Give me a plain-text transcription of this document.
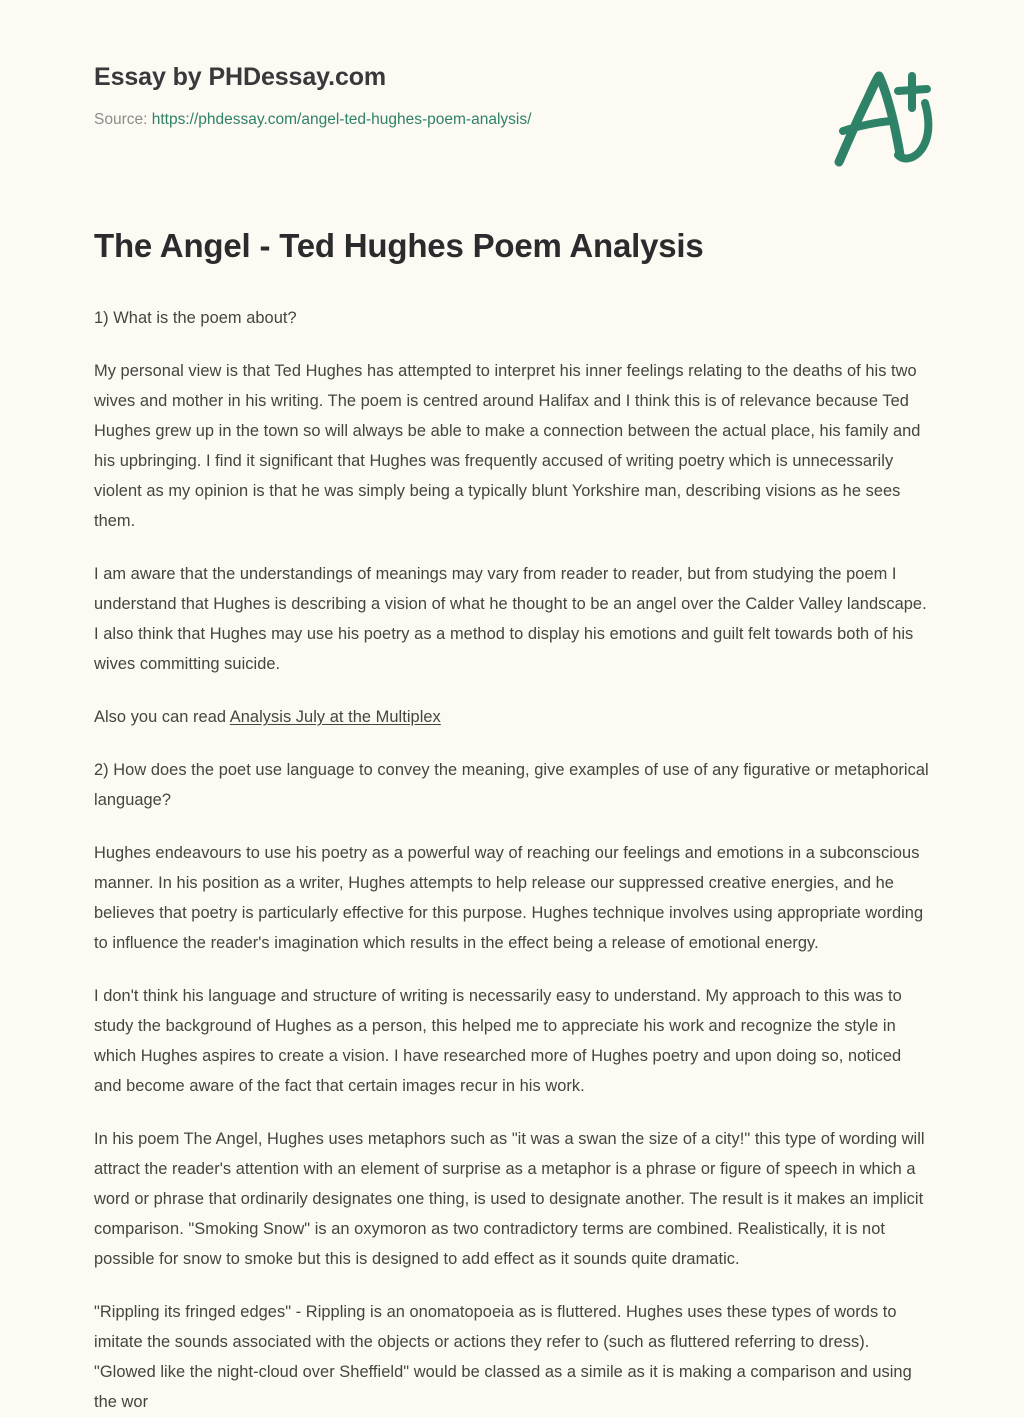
Essay by PHDessay.com
Source: https://phdessay.com/angel-ted-hughes-poem-analysis/
The Angel - Ted Hughes Poem Analysis

1) What is the poem about?

My personal view is that Ted Hughes has attempted to interpret his inner feelings relating to the deaths of his two wives and mother in his writing. The poem is centred around Halifax and I think this is of relevance because Ted Hughes grew up in the town so will always be able to make a connection between the actual place, his family and his upbringing. I find it significant that Hughes was frequently accused of writing poetry which is unnecessarily violent as my opinion is that he was simply being a typically blunt Yorkshire man, describing visions as he sees them.

I am aware that the understandings of meanings may vary from reader to reader, but from studying the poem I understand that Hughes is describing a vision of what he thought to be an angel over the Calder Valley landscape. I also think that Hughes may use his poetry as a method to display his emotions and guilt felt towards both of his wives committing suicide.

Also you can read Analysis July at the Multiplex

2) How does the poet use language to convey the meaning, give examples of use of any figurative or metaphorical language?

Hughes endeavours to use his poetry as a powerful way of reaching our feelings and emotions in a subconscious manner. In his position as a writer, Hughes attempts to help release our suppressed creative energies, and he believes that poetry is particularly effective for this purpose. Hughes technique involves using appropriate wording to influence the reader's imagination which results in the effect being a release of emotional energy.

I don't think his language and structure of writing is necessarily easy to understand. My approach to this was to study the background of Hughes as a person, this helped me to appreciate his work and recognize the style in which Hughes aspires to create a vision. I have researched more of Hughes poetry and upon doing so, noticed and become aware of the fact that certain images recur in his work.

In his poem The Angel, Hughes uses metaphors such as "it was a swan the size of a city!" this type of wording will attract the reader's attention with an element of surprise as a metaphor is a phrase or figure of speech in which a word or phrase that ordinarily designates one thing, is used to designate another. The result is it makes an implicit comparison. "Smoking Snow" is an oxymoron as two contradictory terms are combined. Realistically, it is not possible for snow to smoke but this is designed to add effect as it sounds quite dramatic.

"Rippling its fringed edges" - Rippling is an onomatopoeia as is fluttered. Hughes uses these types of words to imitate the sounds associated with the objects or actions they refer to (such as fluttered referring to dress). "Glowed like the night-cloud over Sheffield" would be classed as a simile as it is making a comparison and using the wor
